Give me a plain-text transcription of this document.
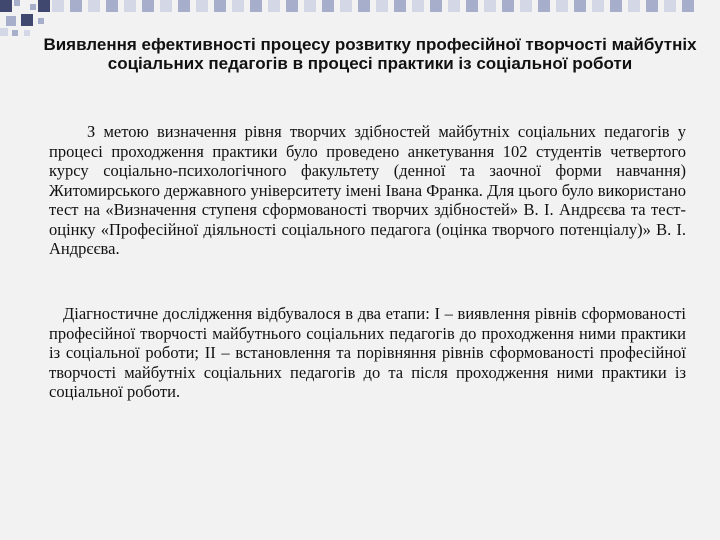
Виявлення ефективності процесу розвитку професійної творчості майбутніх соціальних педагогів в процесі практики із соціальної роботи

З метою визначення рівня творчих здібностей майбутніх соціальних педагогів у процесі проходження практики було проведено анкетування 102 студентів четвертого курсу соціально-психологічного факультету (денної та заочної форми навчання) Житомирського державного університету імені Івана Франка. Для цього було використано тест на «Визначення ступеня сформованості творчих здібностей» В. І. Андрєєва та тест-оцінку «Професійної діяльності соціального педагога (оцінка творчого потенціалу)» В. І. Андрєєва.

Діагностичне дослідження відбувалося в два етапи: І – виявлення рівнів сформованості професійної творчості майбутнього соціальних педагогів до проходження ними практики із соціальної роботи; ІІ – встановлення та порівняння рівнів сформованості професійної творчості майбутніх соціальних педагогів до та після проходження ними практики із соціальної роботи.
